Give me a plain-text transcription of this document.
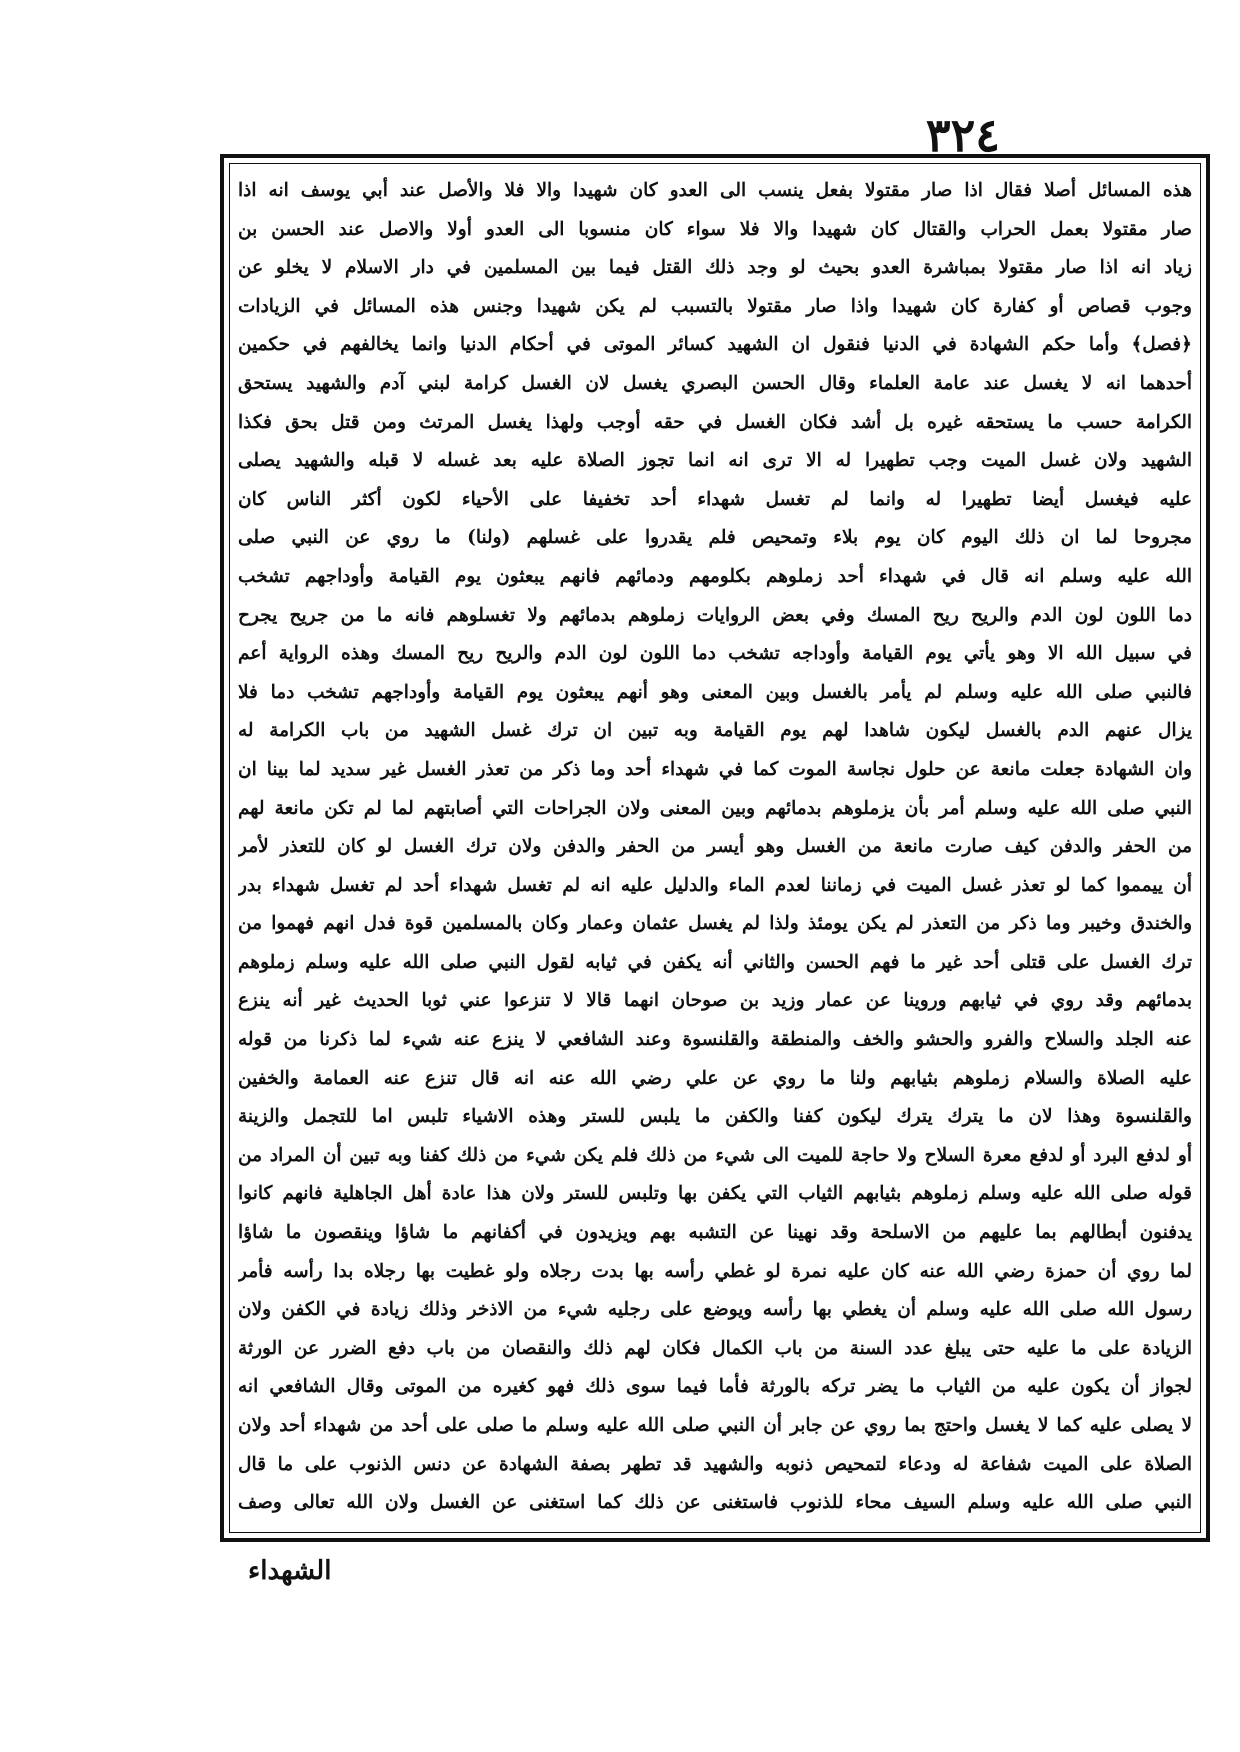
٣٢٤
هذه المسائل أصلا فقال اذا صار مقتولا بفعل ينسب الى العدو كان شهيدا والا فلا والأصل عند أبي يوسف انه اذا
صار مقتولا بعمل الحراب والقتال كان شهيدا والا فلا سواء كان منسوبا الى العدو أولا والاصل عند الحسن بن
زياد انه اذا صار مقتولا بمباشرة العدو بحيث لو وجد ذلك القتل فيما بين المسلمين في دار الاسلام لا يخلو عن
وجوب قصاص أو كفارة كان شهيدا واذا صار مقتولا بالتسبب لم يكن شهيدا وجنس هذه المسائل في الزيادات
﴿فصل﴾ وأما حكم الشهادة في الدنيا فنقول ان الشهيد كسائر الموتى في أحكام الدنيا وانما يخالفهم في حكمين
أحدهما انه لا يغسل عند عامة العلماء وقال الحسن البصري يغسل لان الغسل كرامة لبني آدم والشهيد يستحق
الكرامة حسب ما يستحقه غيره بل أشد فكان الغسل في حقه أوجب ولهذا يغسل المرتث ومن قتل بحق فكذا
الشهيد ولان غسل الميت وجب تطهيرا له الا ترى انه انما تجوز الصلاة عليه بعد غسله لا قبله والشهيد يصلى
عليه فيغسل أيضا تطهيرا له وانما لم تغسل شهداء أحد تخفيفا على الأحياء لكون أكثر الناس كان
مجروحا لما ان ذلك اليوم كان يوم بلاء وتمحيص فلم يقدروا على غسلهم (ولنا) ما روي عن النبي صلى
الله عليه وسلم انه قال في شهداء أحد زملوهم بكلومهم ودمائهم فانهم يبعثون يوم القيامة وأوداجهم تشخب
دما اللون لون الدم والريح ريح المسك وفي بعض الروايات زملوهم بدمائهم ولا تغسلوهم فانه ما من جريح يجرح
في سبيل الله الا وهو يأتي يوم القيامة وأوداجه تشخب دما اللون لون الدم والريح ريح المسك وهذه الرواية أعم
فالنبي صلى الله عليه وسلم لم يأمر بالغسل وبين المعنى وهو أنهم يبعثون يوم القيامة وأوداجهم تشخب دما فلا
يزال عنهم الدم بالغسل ليكون شاهدا لهم يوم القيامة وبه تبين ان ترك غسل الشهيد من باب الكرامة له
وان الشهادة جعلت مانعة عن حلول نجاسة الموت كما في شهداء أحد وما ذكر من تعذر الغسل غير سديد لما بينا ان
النبي صلى الله عليه وسلم أمر بأن يزملوهم بدمائهم وبين المعنى ولان الجراحات التي أصابتهم لما لم تكن مانعة لهم
من الحفر والدفن كيف صارت مانعة من الغسل وهو أيسر من الحفر والدفن ولان ترك الغسل لو كان للتعذر لأمر
أن ييمموا كما لو تعذر غسل الميت في زماننا لعدم الماء والدليل عليه انه لم تغسل شهداء أحد لم تغسل شهداء بدر
والخندق وخيبر وما ذكر من التعذر لم يكن يومئذ ولذا لم يغسل عثمان وعمار وكان بالمسلمين قوة فدل انهم فهموا من
ترك الغسل على قتلى أحد غير ما فهم الحسن والثاني أنه يكفن في ثيابه لقول النبي صلى الله عليه وسلم زملوهم
بدمائهم وقد روي في ثيابهم وروينا عن عمار وزيد بن صوحان انهما قالا لا تنزعوا عني ثوبا الحديث غير أنه ينزع
عنه الجلد والسلاح والفرو والحشو والخف والمنطقة والقلنسوة وعند الشافعي لا ينزع عنه شيء لما ذكرنا من قوله
عليه الصلاة والسلام زملوهم بثيابهم ولنا ما روي عن علي رضي الله عنه انه قال تنزع عنه العمامة والخفين
والقلنسوة وهذا لان ما يترك يترك ليكون كفنا والكفن ما يلبس للستر وهذه الاشياء تلبس اما للتجمل والزينة
أو لدفع البرد أو لدفع معرة السلاح ولا حاجة للميت الى شيء من ذلك فلم يكن شيء من ذلك كفنا وبه تبين أن المراد من
قوله صلى الله عليه وسلم زملوهم بثيابهم الثياب التي يكفن بها وتلبس للستر ولان هذا عادة أهل الجاهلية فانهم كانوا
يدفنون أبطالهم بما عليهم من الاسلحة وقد نهينا عن التشبه بهم ويزيدون في أكفانهم ما شاؤا وينقصون ما شاؤا
لما روي أن حمزة رضي الله عنه كان عليه نمرة لو غطي رأسه بها بدت رجلاه ولو غطيت بها رجلاه بدا رأسه فأمر
رسول الله صلى الله عليه وسلم أن يغطي بها رأسه ويوضع على رجليه شيء من الاذخر وذلك زيادة في الكفن ولان
الزيادة على ما عليه حتى يبلغ عدد السنة من باب الكمال فكان لهم ذلك والنقصان من باب دفع الضرر عن الورثة
لجواز أن يكون عليه من الثياب ما يضر تركه بالورثة فأما فيما سوى ذلك فهو كغيره من الموتى وقال الشافعي انه
لا يصلى عليه كما لا يغسل واحتج بما روي عن جابر أن النبي صلى الله عليه وسلم ما صلى على أحد من شهداء أحد ولان
الصلاة على الميت شفاعة له ودعاء لتمحيص ذنوبه والشهيد قد تطهر بصفة الشهادة عن دنس الذنوب على ما قال
النبي صلى الله عليه وسلم السيف محاء للذنوب فاستغنى عن ذلك كما استغنى عن الغسل ولان الله تعالى وصف
الشهداء
